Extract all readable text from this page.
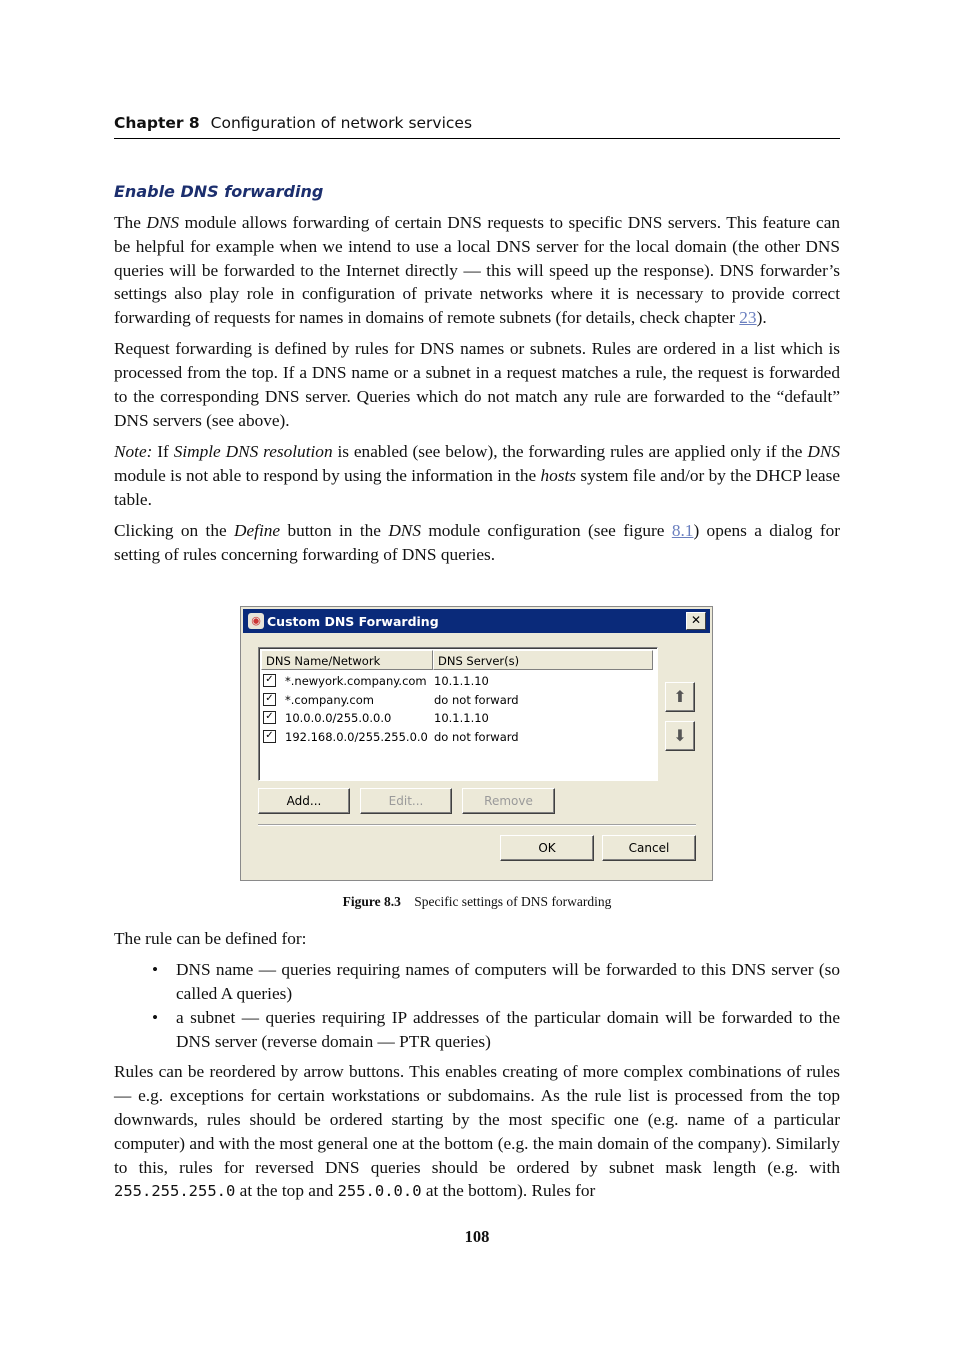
Chapter 8 Configuration of network services
Enable DNS forwarding

The DNS module allows forwarding of certain DNS requests to specific DNS servers. This feature can be helpful for example when we intend to use a local DNS server for the local domain (the other DNS queries will be forwarded to the Internet directly — this will speed up the response). DNS forwarder’s settings also play role in configuration of private networks where it is necessary to provide correct forwarding of requests for names in domains of remote subnets (for details, check chapter 23).

Request forwarding is defined by rules for DNS names or subnets. Rules are ordered in a list which is processed from the top. If a DNS name or a subnet in a request matches a rule, the request is forwarded to the corresponding DNS server. Queries which do not match any rule are forwarded to the “default” DNS servers (see above).

Note: If Simple DNS resolution is enabled (see below), the forwarding rules are applied only if the DNS module is not able to respond by using the information in the hosts system file and/or by the DHCP lease table.

Clicking on the Define button in the DNS module configuration (see figure 8.1) opens a dialog for setting of rules concerning forwarding of DNS queries.

Figure 8.3 Specific settings of DNS forwarding

The rule can be defined for:

• DNS name — queries requiring names of computers will be forwarded to this DNS server (so called A queries)
• a subnet — queries requiring IP addresses of the particular domain will be forwarded to the DNS server (reverse domain — PTR queries)

Rules can be reordered by arrow buttons. This enables creating of more complex combinations of rules — e.g. exceptions for certain workstations or subdomains. As the rule list is processed from the top downwards, rules should be ordered starting by the most specific one (e.g. name of a particular computer) and with the most general one at the bottom (e.g. the main domain of the company). Similarly to this, rules for reversed DNS queries should be ordered by subnet mask length (e.g. with 255.255.255.0 at the top and 255.0.0.0 at the bottom). Rules for

108
◉ Custom DNS Forwarding	✕
DNS Name/Network	DNS Server(s)
✓ *.newyork.company.com 10.1.1.10
✓ *.company.com	do not forward
✓ 10.0.0.0/255.0.0.0	10.1.1.10
✓ 192.168.0.0/255.255.0.0 do not forward
⬆
⬇
Add...	Edit...	Remove
OK	Cancel
